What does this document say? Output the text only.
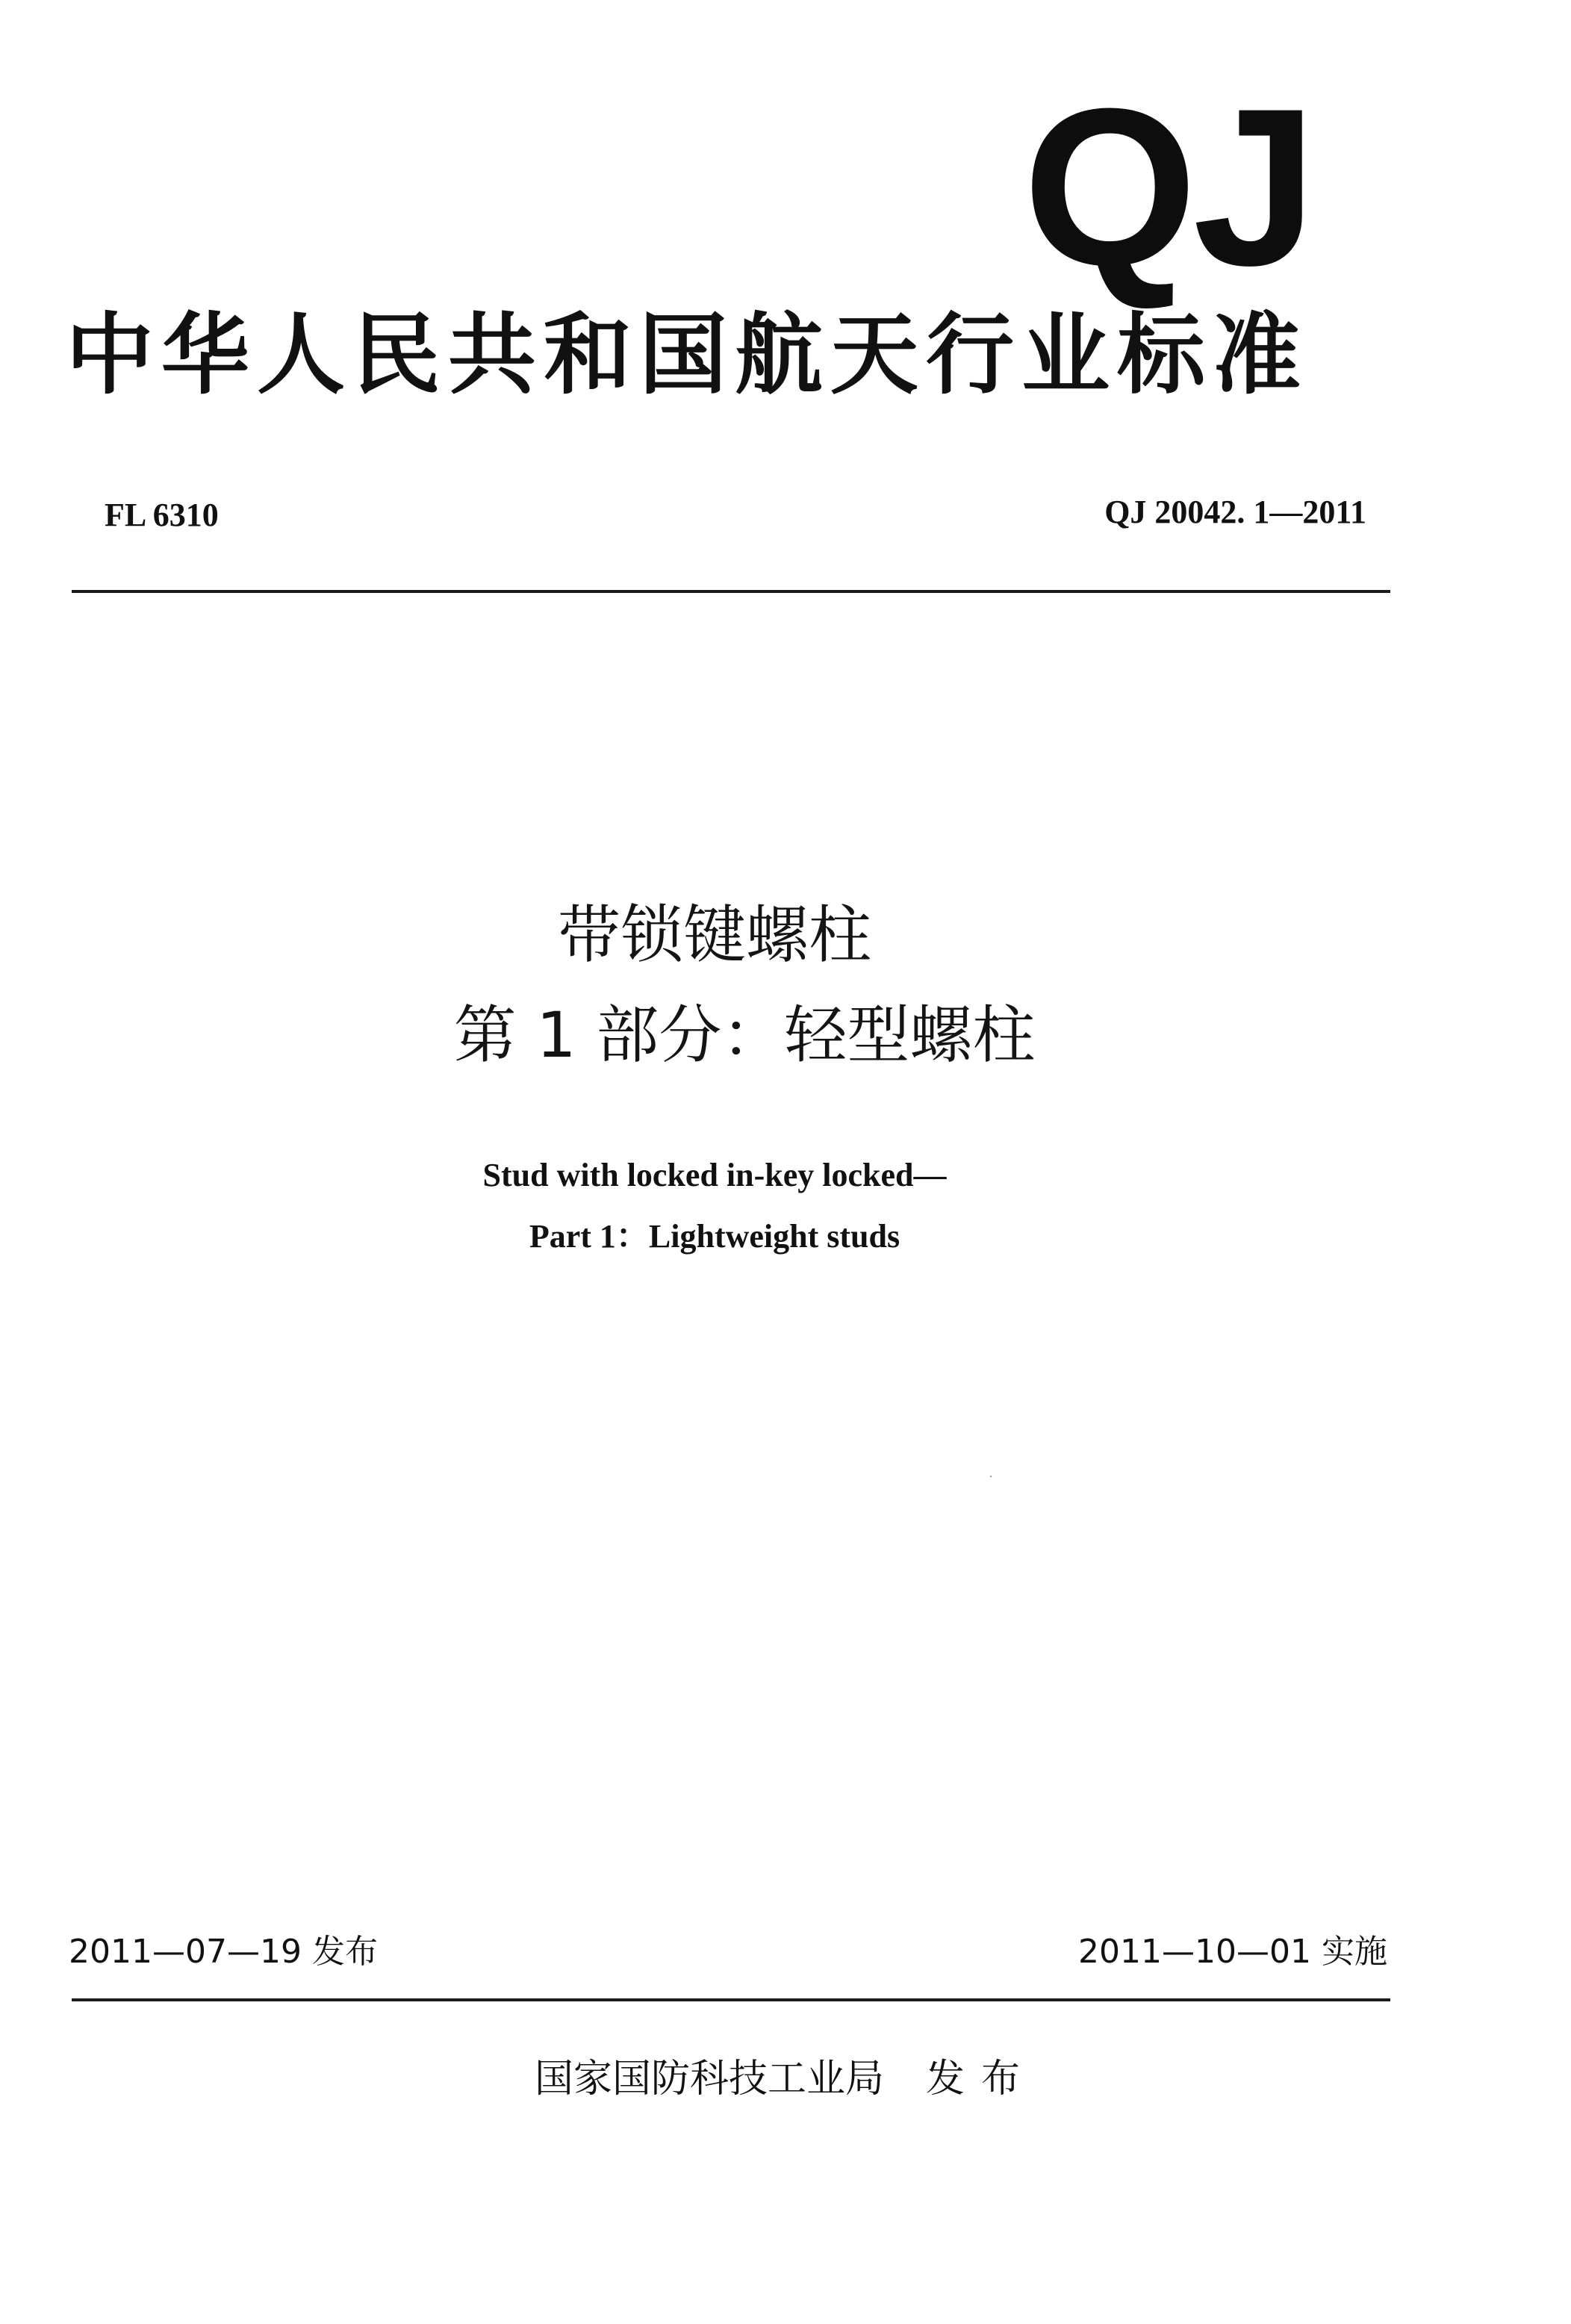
QJ
中华人民共和国航天行业标准
FL 6310	QJ 20042. 1—2011
带锁键螺柱
第 1 部分：轻型螺柱
Stud with locked in-key locked—
Part 1：Lightweight studs
2011—07—19 发布	2011—10—01 实施
国家国防科技工业局 发布
